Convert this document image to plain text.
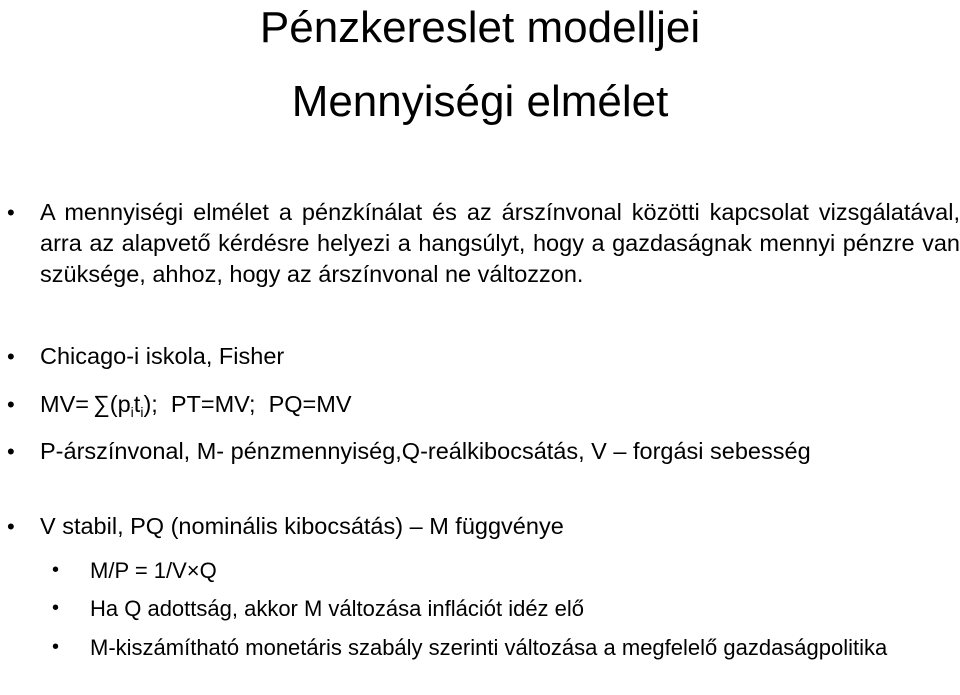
Pénzkereslet modelljei
Mennyiségi elmélet
• A mennyiségi elmélet a pénzkínálat és az árszínvonal közötti kapcsolat vizsgálatával, arra az alapvető kérdésre helyezi a hangsúlyt, hogy a gazdaságnak mennyi pénzre van szüksége, ahhoz, hogy az árszínvonal ne változzon.
• Chicago-i iskola, Fisher
• $MV= \sum(p_it_i)$;  PT=MV;  PQ=MV
• P-árszínvonal, M- pénzmennyiség,Q-reálkibocsátás, V – forgási sebesség
• V stabil, PQ (nominális kibocsátás) – M függvénye
• M/P = 1/V×Q
• Ha Q adottság, akkor M változása inflációt idéz elő
• M-kiszámítható monetáris szabály szerinti változása a megfelelő gazdaságpolitika
